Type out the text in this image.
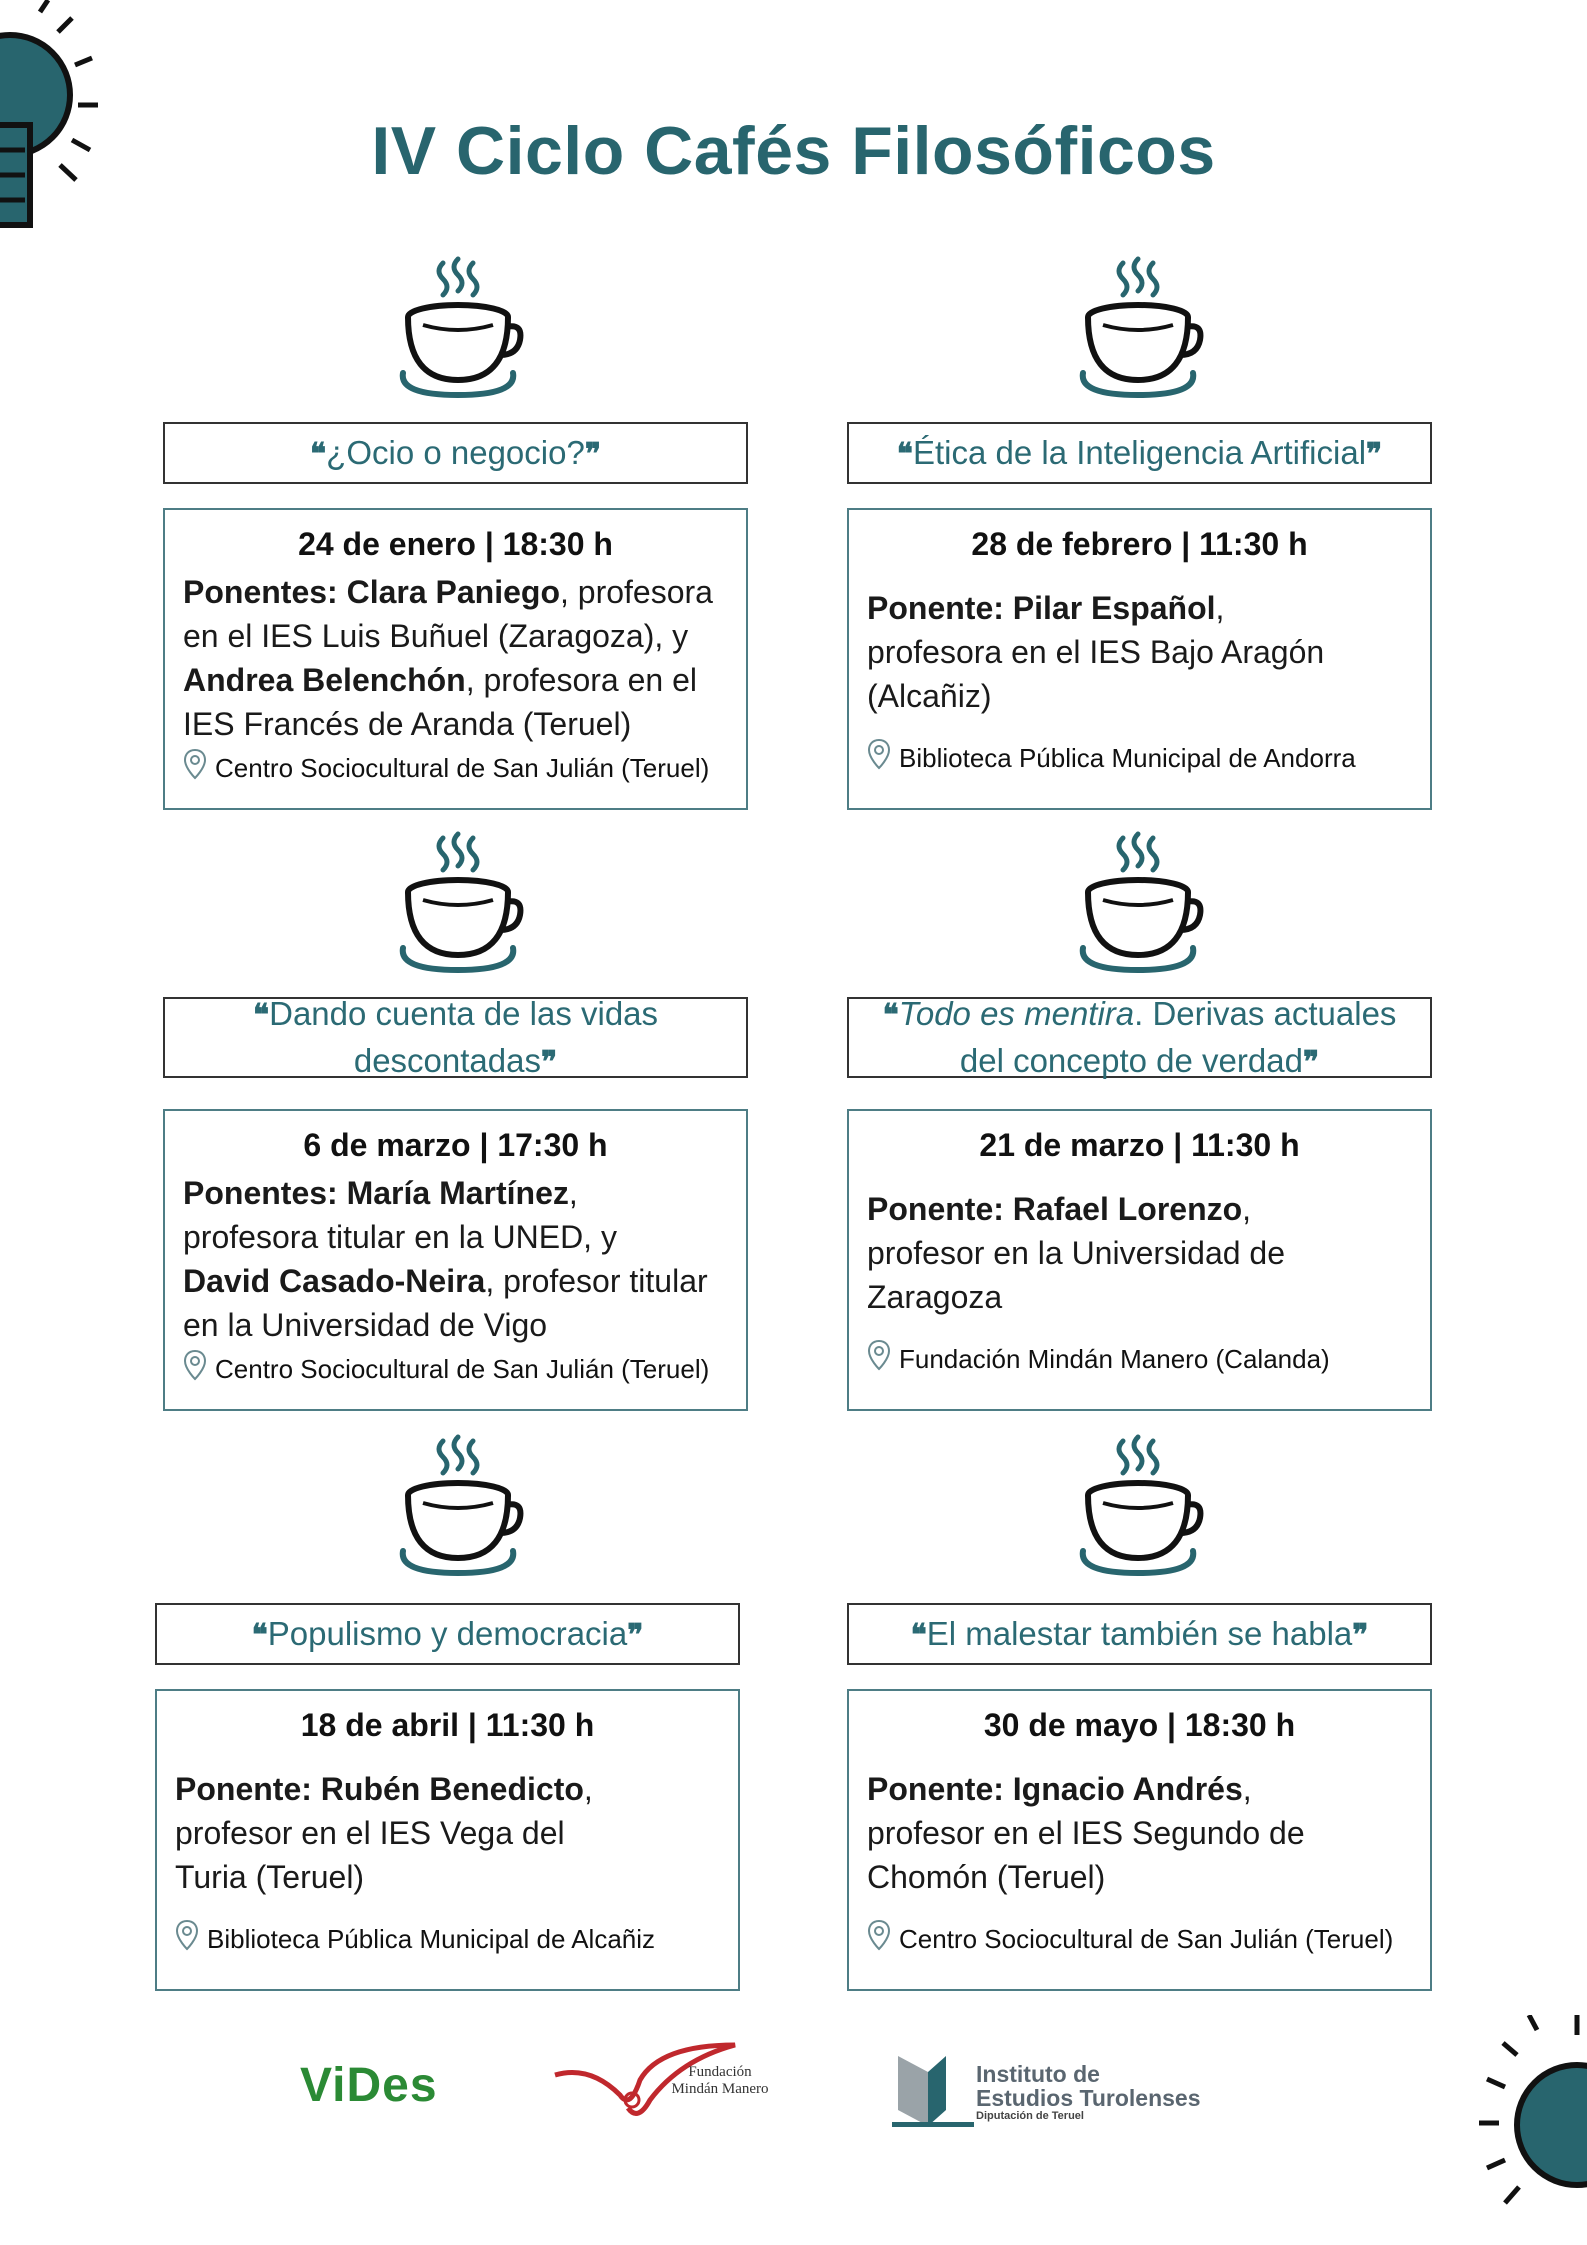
IV Ciclo Cafés Filosóficos
❝¿Ocio o negocio?❞
24 de enero | 18:30 h
Ponentes: Clara Paniego, profesora
en el IES Luis Buñuel (Zaragoza), y
Andrea Belenchón, profesora en el
IES Francés de Aranda (Teruel)
Centro Sociocultural de San Julián (Teruel)
❝Ética de la Inteligencia Artificial❞
28 de febrero | 11:30 h
Ponente: Pilar Español,
profesora en el IES Bajo Aragón
(Alcañiz)
Biblioteca Pública Municipal de Andorra
❝Dando cuenta de las vidas descontadas❞
6 de marzo | 17:30 h
Ponentes: María Martínez,
profesora titular en la UNED, y
David Casado-Neira, profesor titular
en la Universidad de Vigo
Centro Sociocultural de San Julián (Teruel)
❝Todo es mentira. Derivas actuales del concepto de verdad❞
21 de marzo | 11:30 h
Ponente: Rafael Lorenzo,
profesor en la Universidad de
Zaragoza
Fundación Mindán Manero (Calanda)
❝Populismo y democracia❞
18 de abril | 11:30 h
Ponente: Rubén Benedicto,
profesor en el IES Vega del
Turia (Teruel)
Biblioteca Pública Municipal de Alcañiz
❝El malestar también se habla❞
30 de mayo | 18:30 h
Ponente: Ignacio Andrés,
profesor en el IES Segundo de
Chomón (Teruel)
Centro Sociocultural de San Julián (Teruel)
ViDes	Fundación
Mindán Manero
Instituto de
Estudios Turolenses
Diputación de Teruel
